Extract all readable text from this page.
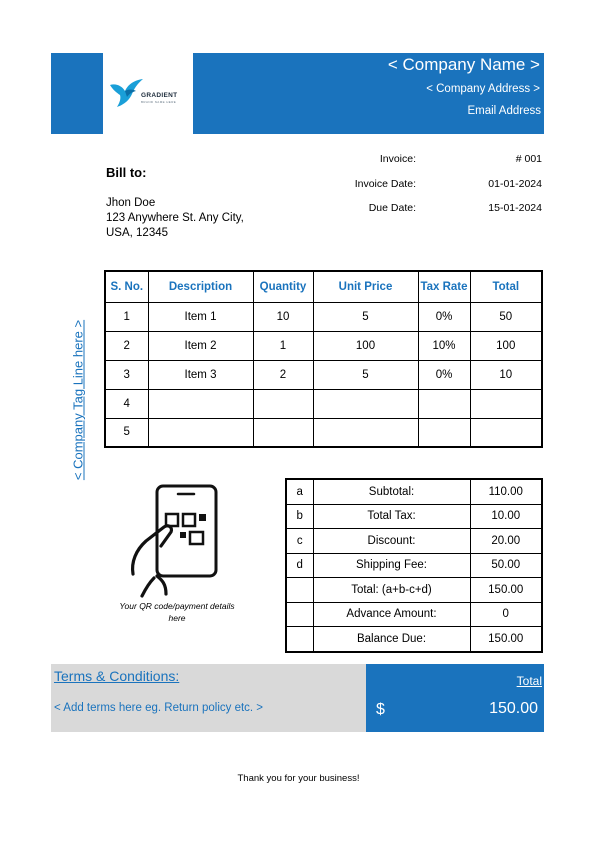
GRADIENT
BRAND NAME HERE
< Company Name >
< Company Address >
Email Address
Bill to:
Jhon Doe
123 Anywhere St. Any City,
USA, 12345
Invoice:	# 001
Invoice Date:	01-01-2024
Due Date:	15-01-2024
< Company Tag Line here >
S. No.	Description	Quantity	Unit Price	Tax Rate	Total
1	Item 1	10	5	0%	50
2	Item 2	1	100	10%	100
3	Item 3	2	5	0%	10
4					
5					
Your QR code/payment details here
a	Subtotal:	110.00
b	Total Tax:	10.00
c	Discount:	20.00
d	Shipping Fee:	50.00
	Total: (a+b-c+d)	150.00
	Advance Amount:	0
	Balance Due:	150.00
Terms & Conditions:
< Add terms here eg. Return policy etc. >
Total
$	150.00
Thank you for your business!
